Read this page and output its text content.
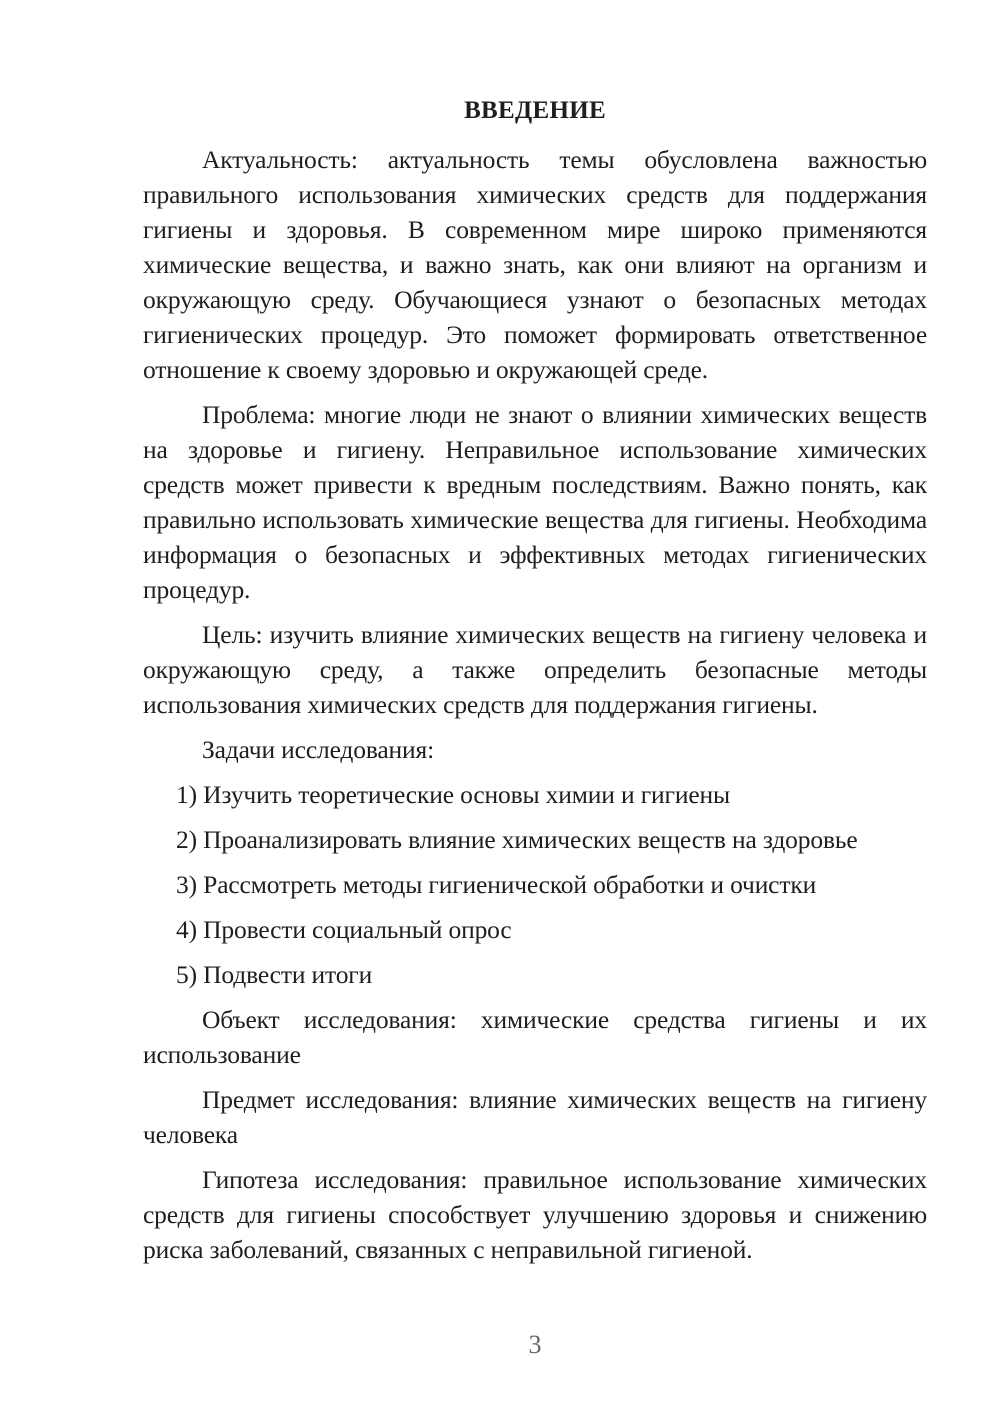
ВВЕДЕНИЕ

Актуальность: актуальность темы обусловлена важностью правильного использования химических средств для поддержания гигиены и здоровья. В современном мире широко применяются химические вещества, и важно знать, как они влияют на организм и окружающую среду. Обучающиеся узнают о безопасных методах гигиенических процедур. Это поможет формировать ответственное отношение к своему здоровью и окружающей среде.

Проблема: многие люди не знают о влиянии химических веществ на здоровье и гигиену. Неправильное использование химических средств может привести к вредным последствиям. Важно понять, как правильно использовать химические вещества для гигиены. Необходима информация о безопасных и эффективных методах гигиенических процедур.

Цель: изучить влияние химических веществ на гигиену человека и окружающую среду, а также определить безопасные методы использования химических средств для поддержания гигиены.

Задачи исследования:

1) Изучить теоретические основы химии и гигиены

2) Проанализировать влияние химических веществ на здоровье

3) Рассмотреть методы гигиенической обработки и очистки

4) Провести социальный опрос

5) Подвести итоги

Объект исследования: химические средства гигиены и их использование

Предмет исследования: влияние химических веществ на гигиену человека

Гипотеза исследования: правильное использование химических средств для гигиены способствует улучшению здоровья и снижению риска заболеваний, связанных с неправильной гигиеной.

3
